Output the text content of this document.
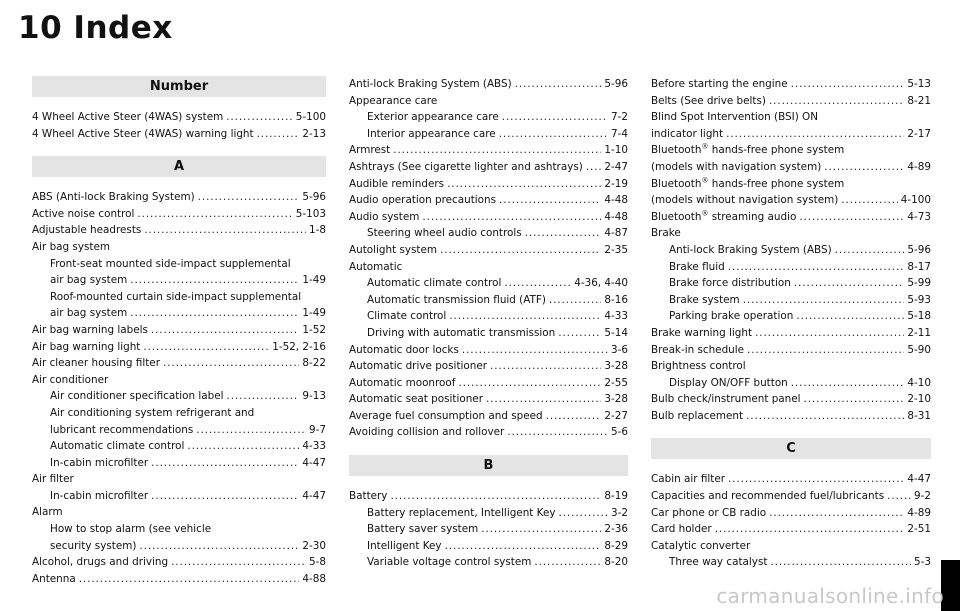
10 Index
Number
4 Wheel Active Steer (4WAS) system . . .	5-100
4 Wheel Active Steer (4WAS) warning light . . .	2-13
A
ABS (Anti-lock Braking System) . . .	5-96
Active noise control . . .	5-103
Adjustable headrests . . .	1-8
Air bag system
Front-seat mounted side-impact supplemental
air bag system . . .	1-49
Roof-mounted curtain side-impact supplemental
air bag system . . .	1-49
Air bag warning labels . . .	1-52
Air bag warning light . . .	1-52, 2-16
Air cleaner housing filter . . .	8-22
Air conditioner
Air conditioner specification label . . .	9-13
Air conditioning system refrigerant and
lubricant recommendations . . .	9-7
Automatic climate control . . .	4-33
In-cabin microfilter . . .	4-47
Air filter
In-cabin microfilter . . .	4-47
Alarm
How to stop alarm (see vehicle
security system) . . .	2-30
Alcohol, drugs and driving . . .	5-8
Antenna . . .	4-88
Anti-lock Braking System (ABS) . . .	5-96
Appearance care
Exterior appearance care . . .	7-2
Interior appearance care . . .	7-4
Armrest . . .	1-10
Ashtrays (See cigarette lighter and ashtrays) . . . 2-47
Audible reminders . . .	2-19
Audio operation precautions . . .	4-48
Audio system . . .	4-48
Steering wheel audio controls . . .	4-87
Autolight system . . .	2-35
Automatic
Automatic climate control . . .	4-36, 4-40
Automatic transmission fluid (ATF) . . .	8-16
Climate control . . .	4-33
Driving with automatic transmission . . .	5-14
Automatic door locks . . .	3-6
Automatic drive positioner . . .	3-28
Automatic moonroof . . .	2-55
Automatic seat positioner . . .	3-28
Average fuel consumption and speed . . .	2-27
Avoiding collision and rollover . . .	5-6
B
Battery . . .	8-19
Battery replacement, Intelligent Key . . .	3-2
Battery saver system . . .	2-36
Intelligent Key . . .	8-29
Variable voltage control system . . .	8-20
Before starting the engine . . .	5-13
Belts (See drive belts) . . .	8-21
Blind Spot Intervention (BSI) ON
indicator light . . .	2-17
Bluetooth® hands-free phone system
(models with navigation system) . . .	4-89
Bluetooth® hands-free phone system
(models without navigation system) . . .	4-100
Bluetooth® streaming audio . . .	4-73
Brake
Anti-lock Braking System (ABS) . . .	5-96
Brake fluid . . .	8-17
Brake force distribution . . .	5-99
Brake system . . .	5-93
Parking brake operation . . .	5-18
Brake warning light . . .	2-11
Break-in schedule . . .	5-90
Brightness control
Display ON/OFF button . . .	4-10
Bulb check/instrument panel . . .	2-10
Bulb replacement . . .	8-31
C
Cabin air filter . . .	4-47
Capacities and recommended fuel/lubricants . . .	9-2
Car phone or CB radio . . .	4-89
Card holder . . .	2-51
Catalytic converter
Three way catalyst . . .	5-3
carmanualsonline.info
